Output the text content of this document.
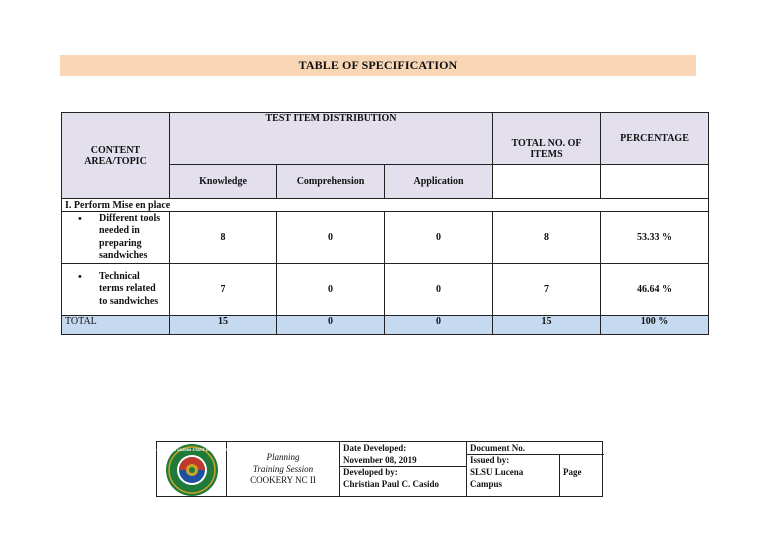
TABLE OF SPECIFICATION
CONTENT AREA/TOPIC	TEST ITEM DISTRIBUTION			TOTAL NO. OF ITEMS	PERCENTAGE
	Knowledge	Comprehension	Application		
I. Perform Mise en place					

• Different tools needed in preparing sandwiches	8	0	0	8	53.33 %

• Technical terms related to sandwiches	7	0	0	7	46.64 %
TOTAL	15	0	0	15	100 %
SOUTHERN LUZON STATE UNIVERSITY
Planning
Training Session
COOKERY NC II
Date Developed:
November 08, 2019
Developed by:
Christian Paul C. Casido
Document No.
Issued by:
SLSU Lucena
Campus
Page
